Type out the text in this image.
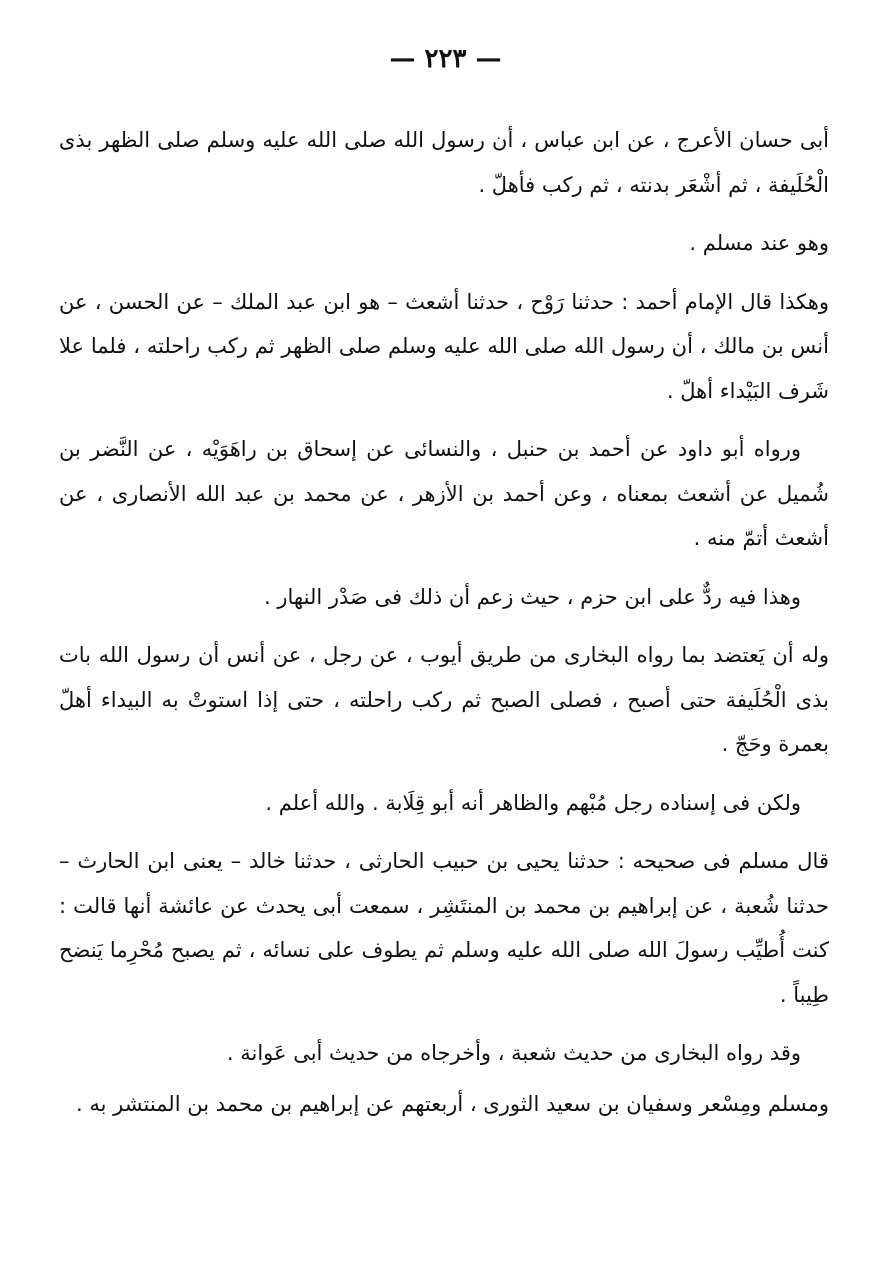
— ٢٢٣ —

أبى حسان الأعرج ، عن ابن عباس ، أن رسول الله صلى الله عليه وسلم صلى الظهر بذى الْحُلَيفة ، ثم أشْعَر بدنته ، ثم ركب فأهلّ .

وهو عند مسلم .

وهكذا قال الإمام أحمد : حدثنا رَوْح ، حدثنا أشعث – هو ابن عبد الملك – عن الحسن ، عن أنس بن مالك ، أن رسول الله صلى الله عليه وسلم صلى الظهر ثم ركب راحلته ، فلما علا شَرف البَيْداء أهلّ .

ورواه أبو داود عن أحمد بن حنبل ، والنسائى عن إسحاق بن راهَوَيْه ، عن النَّضر بن شُميل عن أشعث بمعناه ، وعن أحمد بن الأزهر ، عن محمد بن عبد الله الأنصارى ، عن أشعث أتمّ منه .

وهذا فيه ردٌّ على ابن حزم ، حيث زعم أن ذلك فى صَدْر النهار .

وله أن يَعتضد بما رواه البخارى من طريق أيوب ، عن رجل ، عن أنس أن رسول الله بات بذى الْحُلَيفة حتى أصبح ، فصلى الصبح ثم ركب راحلته ، حتى إذا استوتْ به البيداء أهلّ بعمرة وحَجّ .

ولكن فى إسناده رجل مُبْهم والظاهر أنه أبو قِلَابة . والله أعلم .

قال مسلم فى صحيحه : حدثنا يحيى بن حبيب الحارثى ، حدثنا خالد – يعنى ابن الحارث – حدثنا شُعبة ، عن إبراهيم بن محمد بن المنتَشِر ، سمعت أبى يحدث عن عائشة أنها قالت : كنت أُطيِّب رسولَ الله صلى الله عليه وسلم ثم يطوف على نسائه ، ثم يصبح مُحْرِما يَنضح طِيباً .

وقد رواه البخارى من حديث شعبة ، وأخرجاه من حديث أبى عَوانة .

ومسلم ومِسْعر وسفيان بن سعيد الثورى ، أربعتهم عن إبراهيم بن محمد بن المنتشر به .
